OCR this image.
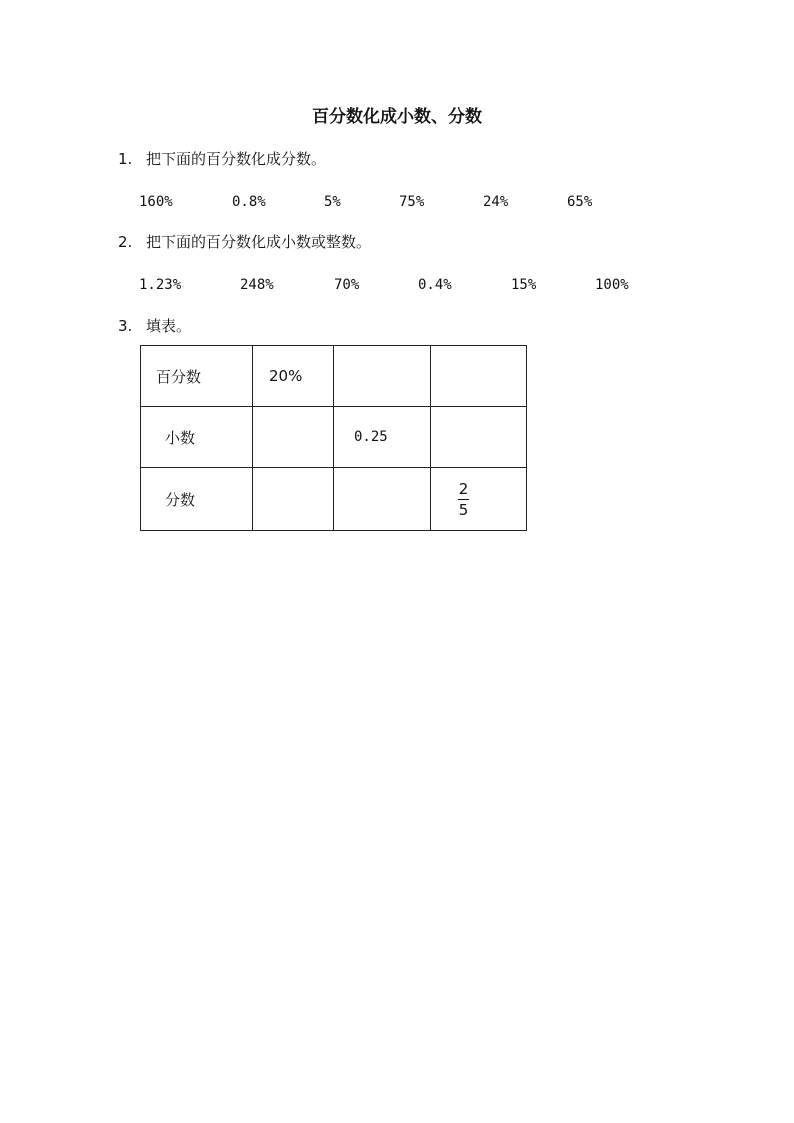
百分数化成小数、分数
1. 把下面的百分数化成分数。
160%	0.8%	5%	75%	24%	65%
2. 把下面的百分数化成小数或整数。
1.23%	248%	70%	0.4%	15%	100%
3. 填表。
百分数	20%		

小数		0.25	

分数			$\frac{2}{5}$
